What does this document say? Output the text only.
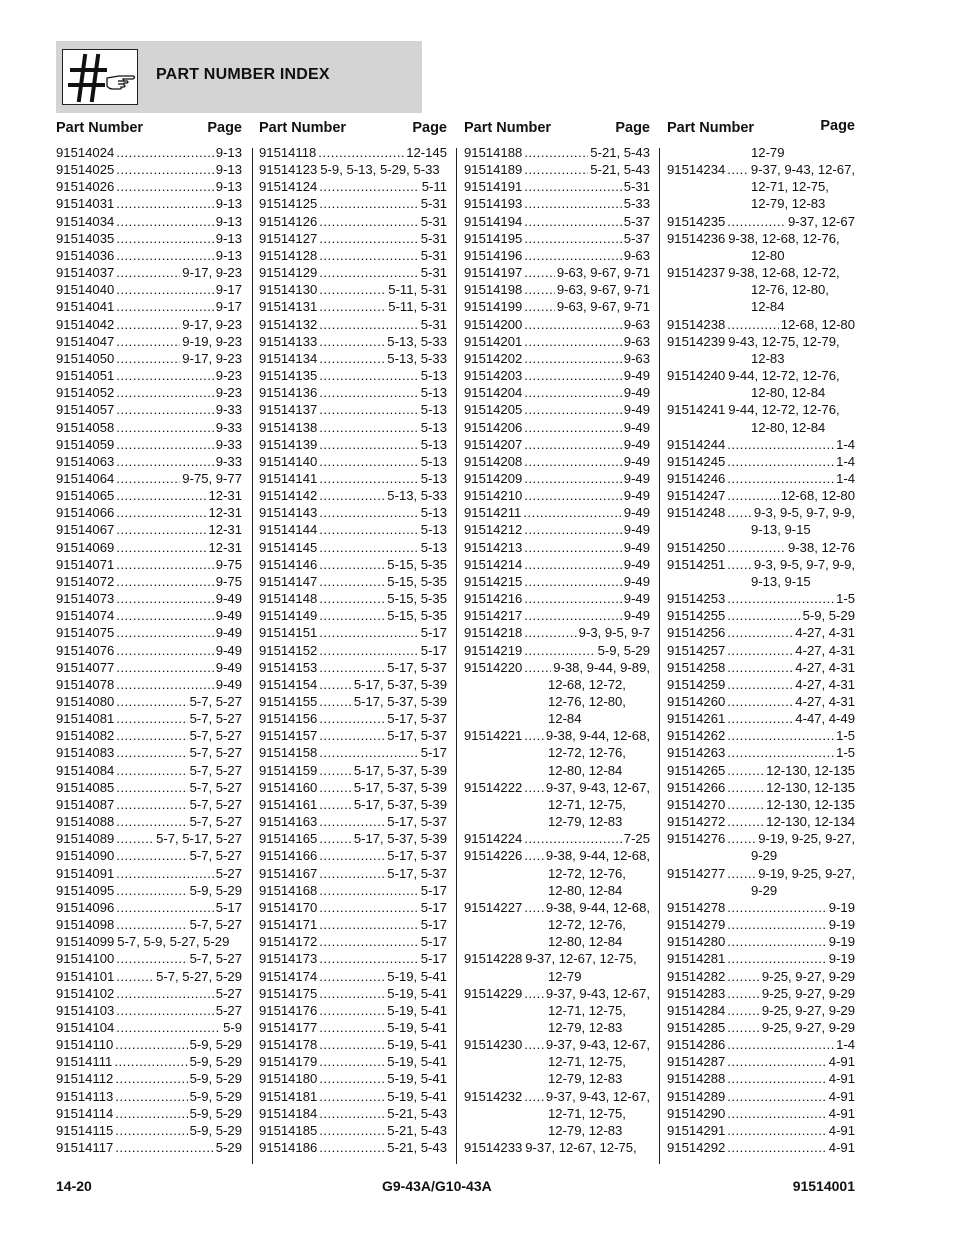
PART NUMBER INDEX
Part Number	Page
91514024 .....	9-13
91514025 .....	9-13
91514026 .....	9-13
91514031 .....	9-13
91514034 .....	9-13
91514035 .....	9-13
91514036 .....	9-13
91514037 .....	9-17, 9-23
91514040 .....	9-17
91514041 .....	9-17
91514042 .....	9-17, 9-23
91514047 .....	9-19, 9-23
91514050 .....	9-17, 9-23
91514051 .....	9-23
91514052 .....	9-23
91514057 .....	9-33
91514058 .....	9-33
91514059 .....	9-33
91514063 .....	9-33
91514064 .....	9-75, 9-77
91514065 .....	12-31
91514066 .....	12-31
91514067 .....	12-31
91514069 .....	12-31
91514071 .....	9-75
91514072 .....	9-75
91514073 .....	9-49
91514074 .....	9-49
91514075 .....	9-49
91514076 .....	9-49
91514077 .....	9-49
91514078 .....	9-49
91514080 .....	5-7, 5-27
91514081 .....	5-7, 5-27
91514082 .....	5-7, 5-27
91514083 .....	5-7, 5-27
91514084 .....	5-7, 5-27
91514085 .....	5-7, 5-27
91514087 .....	5-7, 5-27
91514088 .....	5-7, 5-27
91514089 .....	5-7, 5-17, 5-27
91514090 .....	5-7, 5-27
91514091 .....	5-27
91514095 .....	5-9, 5-29
91514096 .....	5-17
91514098 .....	5-7, 5-27
91514099 5-7, 5-9, 5-27, 5-29
91514100 .....	5-7, 5-27
91514101 .....	5-7, 5-27, 5-29
91514102 .....	5-27
91514103 .....	5-27
91514104 .....	5-9
91514110 .....	5-9, 5-29
91514111 .....	5-9, 5-29
91514112 .....	5-9, 5-29
91514113 .....	5-9, 5-29
91514114 .....	5-9, 5-29
91514115 .....	5-9, 5-29
91514117 .....	5-29
Part Number	Page
91514118 .....	12-145
91514123 5-9, 5-13, 5-29, 5-33
91514124 .....	5-11
91514125 .....	5-31
91514126 .....	5-31
91514127 .....	5-31
91514128 .....	5-31
91514129 .....	5-31
91514130 .....	5-11, 5-31
91514131 .....	5-11, 5-31
91514132 .....	5-31
91514133 .....	5-13, 5-33
91514134 .....	5-13, 5-33
91514135 .....	5-13
91514136 .....	5-13
91514137 .....	5-13
91514138 .....	5-13
91514139 .....	5-13
91514140 .....	5-13
91514141 .....	5-13
91514142 .....	5-13, 5-33
91514143 .....	5-13
91514144 .....	5-13
91514145 .....	5-13
91514146 .....	5-15, 5-35
91514147 .....	5-15, 5-35
91514148 .....	5-15, 5-35
91514149 .....	5-15, 5-35
91514151 .....	5-17
91514152 .....	5-17
91514153 .....	5-17, 5-37
91514154 .....	5-17, 5-37, 5-39
91514155 .....	5-17, 5-37, 5-39
91514156 .....	5-17, 5-37
91514157 .....	5-17, 5-37
91514158 .....	5-17
91514159 .....	5-17, 5-37, 5-39
91514160 .....	5-17, 5-37, 5-39
91514161 .....	5-17, 5-37, 5-39
91514163 .....	5-17, 5-37
91514165 .....	5-17, 5-37, 5-39
91514166 .....	5-17, 5-37
91514167 .....	5-17, 5-37
91514168 .....	5-17
91514170 .....	5-17
91514171 .....	5-17
91514172 .....	5-17
91514173 .....	5-17
91514174 .....	5-19, 5-41
91514175 .....	5-19, 5-41
91514176 .....	5-19, 5-41
91514177 .....	5-19, 5-41
91514178 .....	5-19, 5-41
91514179 .....	5-19, 5-41
91514180 .....	5-19, 5-41
91514181 .....	5-19, 5-41
91514184 .....	5-21, 5-43
91514185 .....	5-21, 5-43
91514186 .....	5-21, 5-43
Part Number	Page
91514188 .....	5-21, 5-43
91514189 .....	5-21, 5-43
91514191 .....	5-31
91514193 .....	5-33
91514194 .....	5-37
91514195 .....	5-37
91514196 .....	9-63
91514197 .....	9-63, 9-67, 9-71
91514198 .....	9-63, 9-67, 9-71
91514199 .....	9-63, 9-67, 9-71
91514200 .....	9-63
91514201 .....	9-63
91514202 .....	9-63
91514203 .....	9-49
91514204 .....	9-49
91514205 .....	9-49
91514206 .....	9-49
91514207 .....	9-49
91514208 .....	9-49
91514209 .....	9-49
91514210 .....	9-49
91514211 .....	9-49
91514212 .....	9-49
91514213 .....	9-49
91514214 .....	9-49
91514215 .....	9-49
91514216 .....	9-49
91514217 .....	9-49
91514218 .....	9-3, 9-5, 9-7
91514219 .....	5-9, 5-29
91514220 ..... 9-38, 9-44, 9-89,
12-68, 12-72,
12-76, 12-80,
12-84
91514221 ..... 9-38, 9-44, 12-68,
12-72, 12-76,
12-80, 12-84
91514222 ..... 9-37, 9-43, 12-67,
12-71, 12-75,
12-79, 12-83
91514224 .....	7-25
91514226 ..... 9-38, 9-44, 12-68,
12-72, 12-76,
12-80, 12-84
91514227 ..... 9-38, 9-44, 12-68,
12-72, 12-76,
12-80, 12-84
91514228 9-37, 12-67, 12-75,
12-79
91514229 ..... 9-37, 9-43, 12-67,
12-71, 12-75,
12-79, 12-83
91514230 ..... 9-37, 9-43, 12-67,
12-71, 12-75,
12-79, 12-83
91514232 ..... 9-37, 9-43, 12-67,
12-71, 12-75,
12-79, 12-83
91514233 9-37, 12-67, 12-75,
Part Number	Page
12-79
91514234 ..... 9-37, 9-43, 12-67,
12-71, 12-75,
12-79, 12-83
91514235 .....	9-37, 12-67
91514236 9-38, 12-68, 12-76,
12-80
91514237 9-38, 12-68, 12-72,
12-76, 12-80,
12-84
91514238 .....	12-68, 12-80
91514239 9-43, 12-75, 12-79,
12-83
91514240 9-44, 12-72, 12-76,
12-80, 12-84
91514241 9-44, 12-72, 12-76,
12-80, 12-84
91514244 .....	1-4
91514245 .....	1-4
91514246 .....	1-4
91514247 .....	12-68, 12-80
91514248 ..... 9-3, 9-5, 9-7, 9-9,
9-13, 9-15
91514250 .....	9-38, 12-76
91514251 ..... 9-3, 9-5, 9-7, 9-9,
9-13, 9-15
91514253 .....	1-5
91514255 .....	5-9, 5-29
91514256 .....	4-27, 4-31
91514257 .....	4-27, 4-31
91514258 .....	4-27, 4-31
91514259 .....	4-27, 4-31
91514260 .....	4-27, 4-31
91514261 .....	4-47, 4-49
91514262 .....	1-5
91514263 .....	1-5
91514265 .....	12-130, 12-135
91514266 .....	12-130, 12-135
91514270 .....	12-130, 12-135
91514272 .....	12-130, 12-134
91514276 .....	9-19, 9-25, 9-27,
9-29
91514277 .....	9-19, 9-25, 9-27,
9-29
91514278 .....	9-19
91514279 .....	9-19
91514280 .....	9-19
91514281 .....	9-19
91514282 .....	9-25, 9-27, 9-29
91514283 .....	9-25, 9-27, 9-29
91514284 .....	9-25, 9-27, 9-29
91514285 .....	9-25, 9-27, 9-29
91514286 .....	1-4
91514287 .....	4-91
91514288 .....	4-91
91514289 .....	4-91
91514290 .....	4-91
91514291 .....	4-91
91514292 .....	4-91
14-20	G9-43A/G10-43A	91514001
